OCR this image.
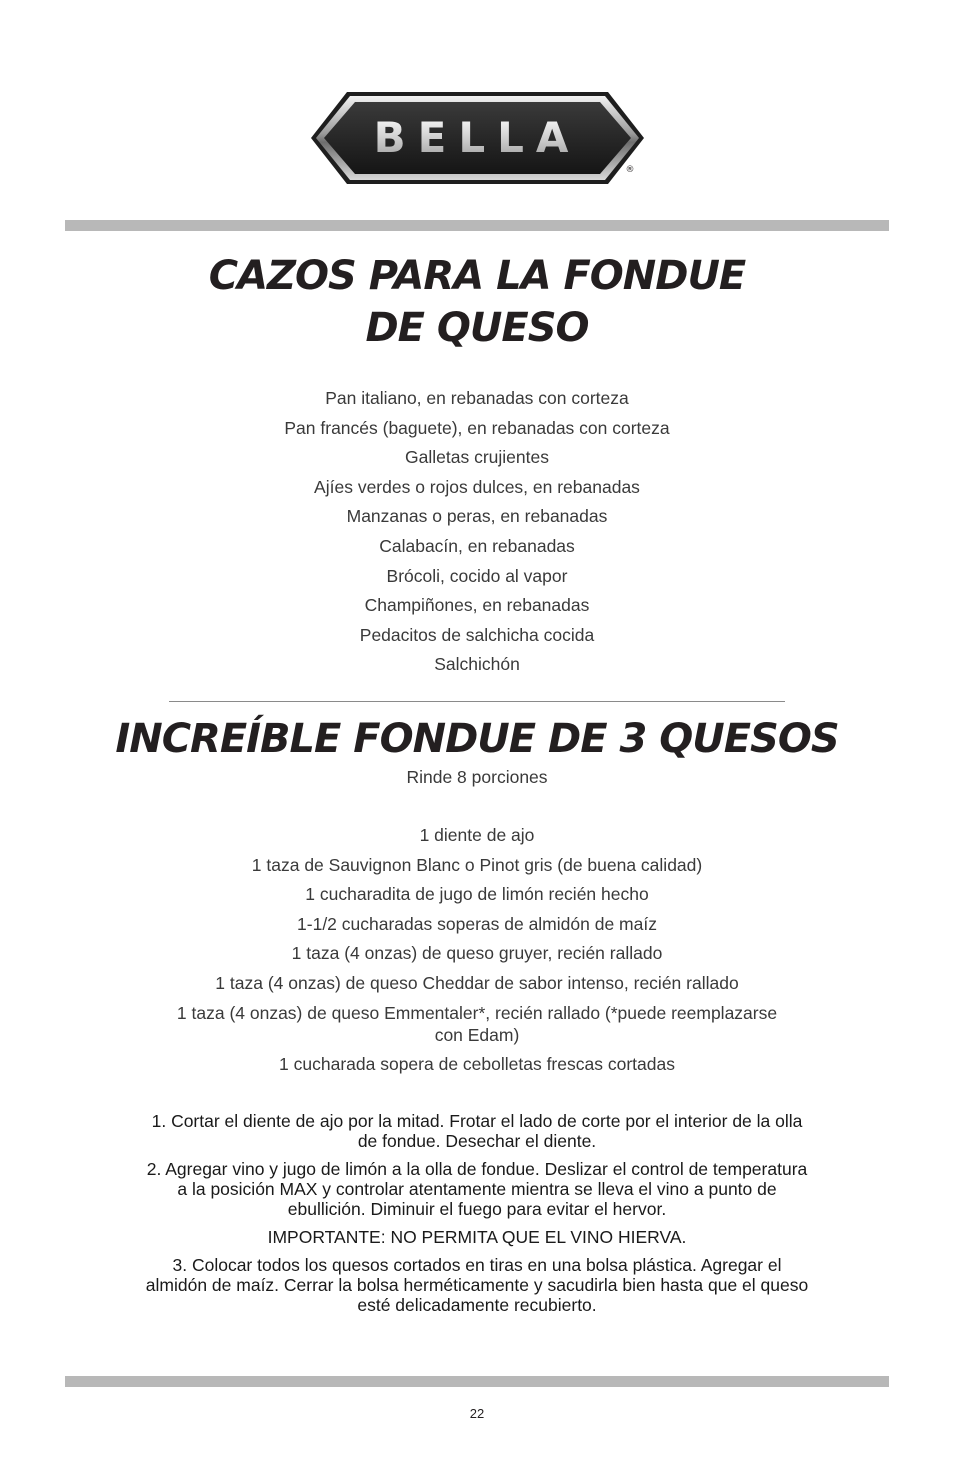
BELLA
®
CAZOS PARA LA FONDUE
DE QUESO
Pan italiano, en rebanadas con corteza
Pan francés (baguete), en rebanadas con corteza
Galletas crujientes
Ajíes verdes o rojos dulces, en rebanadas
Manzanas o peras, en rebanadas
Calabacín, en rebanadas
Brócoli, cocido al vapor
Champiñones, en rebanadas
Pedacitos de salchicha cocida
Salchichón
INCREÍBLE FONDUE DE 3 QUESOS
Rinde 8 porciones
1 diente de ajo
1 taza de Sauvignon Blanc o Pinot gris (de buena calidad)
1 cucharadita de jugo de limón recién hecho
1-1/2 cucharadas soperas de almidón de maíz
1 taza (4 onzas) de queso gruyer, recién rallado
1 taza (4 onzas) de queso Cheddar de sabor intenso, recién rallado
1 taza (4 onzas) de queso Emmentaler*, recién rallado (*puede reemplazarse con Edam)
1 cucharada sopera de cebolletas frescas cortadas

1. Cortar el diente de ajo por la mitad. Frotar el lado de corte por el interior de la olla de fondue. Desechar el diente.

2. Agregar vino y jugo de limón a la olla de fondue. Deslizar el control de temperatura a la posición MAX y controlar atentamente mientra se lleva el vino a punto de ebullición. Diminuir el fuego para evitar el hervor.

IMPORTANTE: NO PERMITA QUE EL VINO HIERVA.

3. Colocar todos los quesos cortados en tiras en una bolsa plástica. Agregar el almidón de maíz. Cerrar la bolsa herméticamente y sacudirla bien hasta que el queso esté delicadamente recubierto.

22
